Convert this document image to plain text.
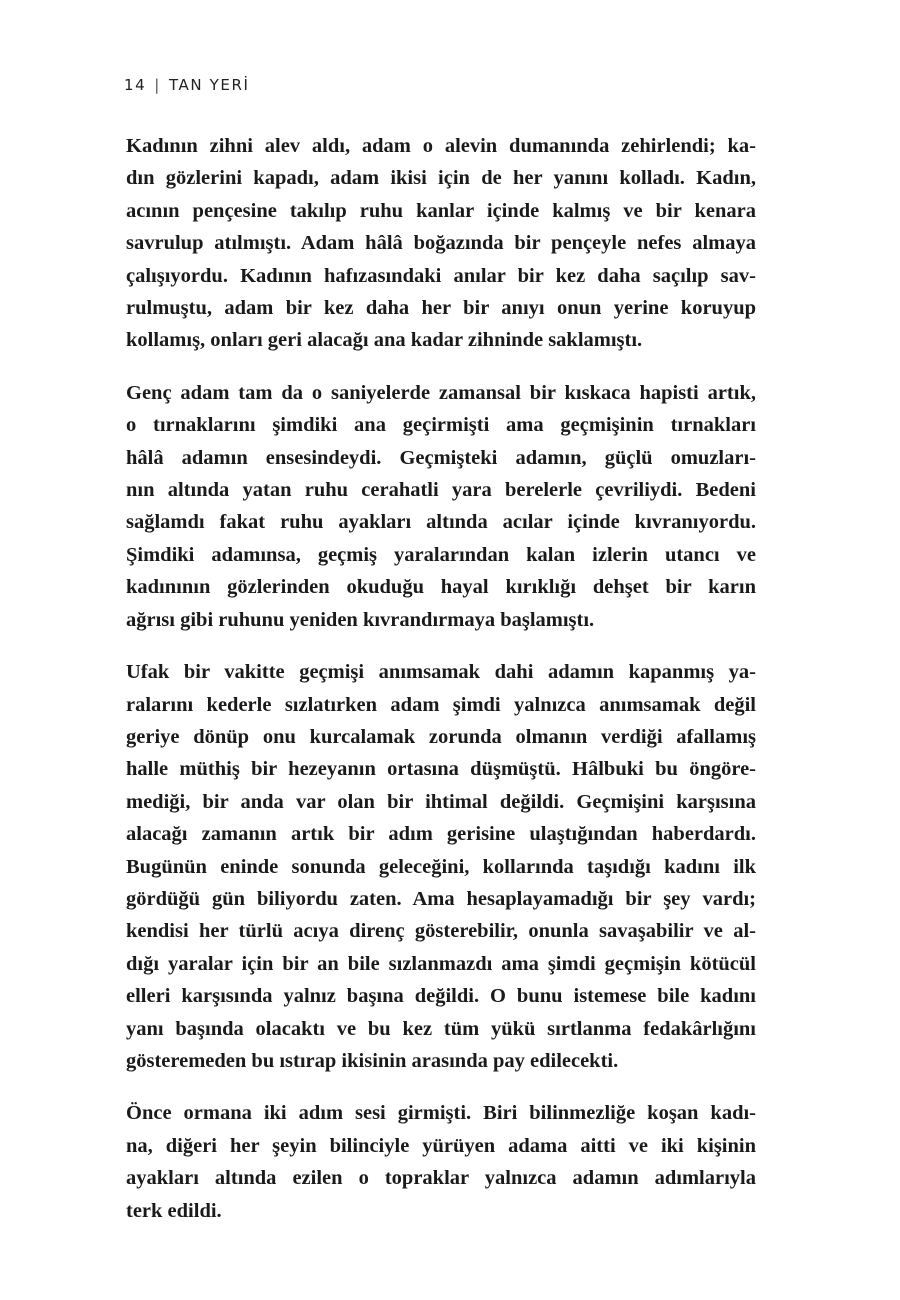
14 | TAN YERİ

Kadının zihni alev aldı, adam o alevin dumanında zehirlendi; ka-
dın gözlerini kapadı, adam ikisi için de her yanını kolladı. Kadın,
acının pençesine takılıp ruhu kanlar içinde kalmış ve bir kenara
savrulup atılmıştı. Adam hâlâ boğazında bir pençeyle nefes almaya
çalışıyordu. Kadının hafızasındaki anılar bir kez daha saçılıp sav-
rulmuştu, adam bir kez daha her bir anıyı onun yerine koruyup
kollamış, onları geri alacağı ana kadar zihninde saklamıştı.

Genç adam tam da o saniyelerde zamansal bir kıskaca hapisti artık,
o tırnaklarını şimdiki ana geçirmişti ama geçmişinin tırnakları
hâlâ adamın ensesindeydi. Geçmişteki adamın, güçlü omuzları-
nın altında yatan ruhu cerahatli yara berelerle çevriliydi. Bedeni
sağlamdı fakat ruhu ayakları altında acılar içinde kıvranıyordu.
Şimdiki adamınsa, geçmiş yaralarından kalan izlerin utancı ve
kadınının gözlerinden okuduğu hayal kırıklığı dehşet bir karın
ağrısı gibi ruhunu yeniden kıvrandırmaya başlamıştı.

Ufak bir vakitte geçmişi anımsamak dahi adamın kapanmış ya-
ralarını kederle sızlatırken adam şimdi yalnızca anımsamak değil
geriye dönüp onu kurcalamak zorunda olmanın verdiği afallamış
halle müthiş bir hezeyanın ortasına düşmüştü. Hâlbuki bu öngöre-
mediği, bir anda var olan bir ihtimal değildi. Geçmişini karşısına
alacağı zamanın artık bir adım gerisine ulaştığından haberdardı.
Bugünün eninde sonunda geleceğini, kollarında taşıdığı kadını ilk
gördüğü gün biliyordu zaten. Ama hesaplayamadığı bir şey vardı;
kendisi her türlü acıya direnç gösterebilir, onunla savaşabilir ve al-
dığı yaralar için bir an bile sızlanmazdı ama şimdi geçmişin kötücül
elleri karşısında yalnız başına değildi. O bunu istemese bile kadını
yanı başında olacaktı ve bu kez tüm yükü sırtlanma fedakârlığını
gösteremeden bu ıstırap ikisinin arasında pay edilecekti.

Önce ormana iki adım sesi girmişti. Biri bilinmezliğe koşan kadı-
na, diğeri her şeyin bilinciyle yürüyen adama aitti ve iki kişinin
ayakları altında ezilen o topraklar yalnızca adamın adımlarıyla
terk edildi.
